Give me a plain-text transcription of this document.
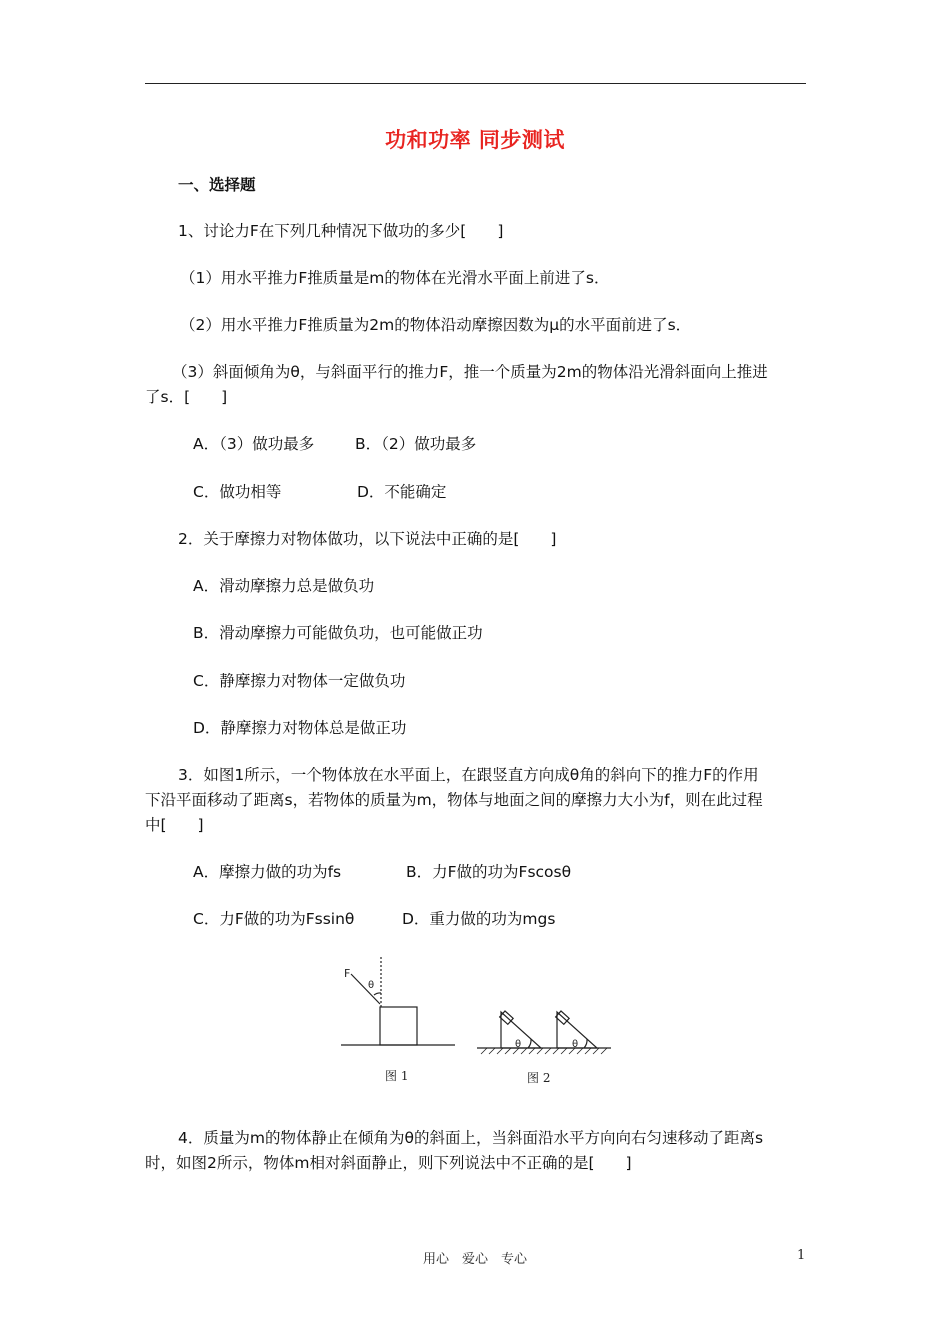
功和功率 同步测试
一、选择题
1、讨论力F在下列几种情况下做功的多少[　　]
（1）用水平推力F推质量是m的物体在光滑水平面上前进了s．
（2）用水平推力F推质量为2m的物体沿动摩擦因数为μ的水平面前进了s．
（3）斜面倾角为θ，与斜面平行的推力F，推一个质量为2m的物体沿光滑斜面向上推进
了s．[　　]
A．（3）做功最多	B．（2）做功最多
C．做功相等	D．不能确定
2．关于摩擦力对物体做功，以下说法中正确的是[　　]
A．滑动摩擦力总是做负功
B．滑动摩擦力可能做负功，也可能做正功
C．静摩擦力对物体一定做负功
D．静摩擦力对物体总是做正功
3．如图1所示，一个物体放在水平面上，在跟竖直方向成θ角的斜向下的推力F的作用
下沿平面移动了距离s，若物体的质量为m，物体与地面之间的摩擦力大小为f，则在此过程
中[　　]
A．摩擦力做的功为fs	B．力F做的功为Fscosθ
C．力F做的功为Fssinθ	D．重力做的功为mgs
F
θ
图 1
θ	θ
图 2
4．质量为m的物体静止在倾角为θ的斜面上，当斜面沿水平方向向右匀速移动了距离s
时，如图2所示，物体m相对斜面静止，则下列说法中不正确的是[　　]
用心　爱心　专心	1
